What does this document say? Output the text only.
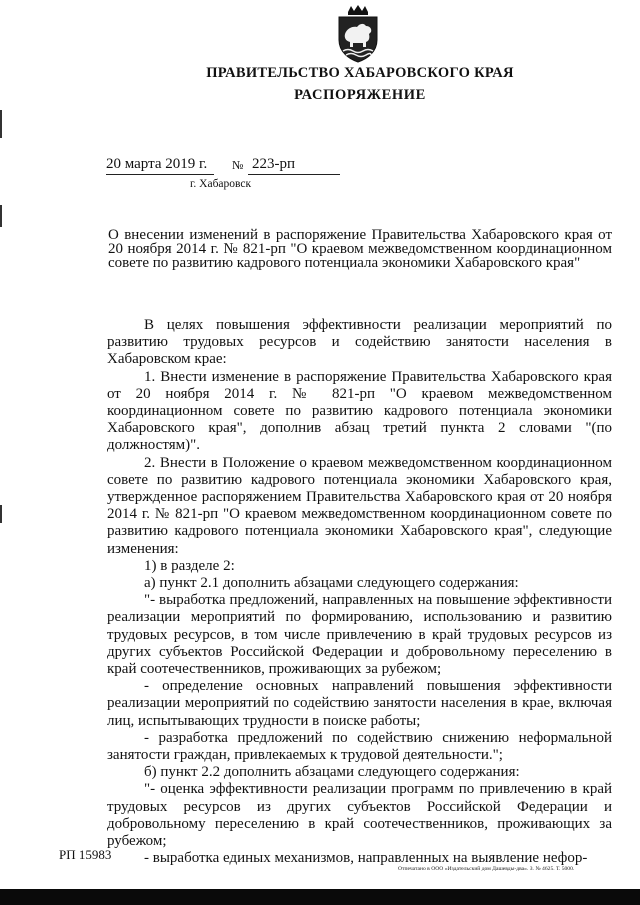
ПРАВИТЕЛЬСТВО ХАБАРОВСКОГО КРАЯ
РАСПОРЯЖЕНИЕ
20 марта 2019 г. № 223-рп
г. Хабаровск
О внесении изменений в распоряжение Правительства Хабаровского края от 20 ноября 2014 г. № 821-рп "О краевом межведомственном координационном совете по развитию кадрового потенциала экономики Хабаровского края"

В целях повышения эффективности реализации мероприятий по развитию трудовых ресурсов и содействию занятости населения в Хабаровском крае:

1. Внести изменение в распоряжение Правительства Хабаровского края от 20 ноября 2014 г. № 821-рп "О краевом межведомственном координационном совете по развитию кадрового потенциала экономики Хабаровского края", дополнив абзац третий пункта 2 словами "(по должностям)".

2. Внести в Положение о краевом межведомственном координационном совете по развитию кадрового потенциала экономики Хабаровского края, утвержденное распоряжением Правительства Хабаровского края от 20 ноября 2014 г. № 821-рп "О краевом межведомственном координационном совете по развитию кадрового потенциала экономики Хабаровского края", следующие изменения:

1) в разделе 2:

а) пункт 2.1 дополнить абзацами следующего содержания:

"- выработка предложений, направленных на повышение эффективности реализации мероприятий по формированию, использованию и развитию трудовых ресурсов, в том числе привлечению в край трудовых ресурсов из других субъектов Российской Федерации и добровольному переселению в край соотечественников, проживающих за рубежом;

- определение основных направлений повышения эффективности реализации мероприятий по содействию занятости населения в крае, включая лиц, испытывающих трудности в поиске работы;

- разработка предложений по содействию снижению неформальной занятости граждан, привлекаемых к трудовой деятельности.";

б) пункт 2.2 дополнить абзацами следующего содержания:

"- оценка эффективности реализации программ по привлечению в край трудовых ресурсов из других субъектов Российской Федерации и добровольному переселению в край соотечественников, проживающих за рубежом;

- выработка единых механизмов, направленных на выявление нефор-

РП 15983
Отпечатано в ООО «Издательский дом Дашевды-два». З. № 4625. Т. 5000.
